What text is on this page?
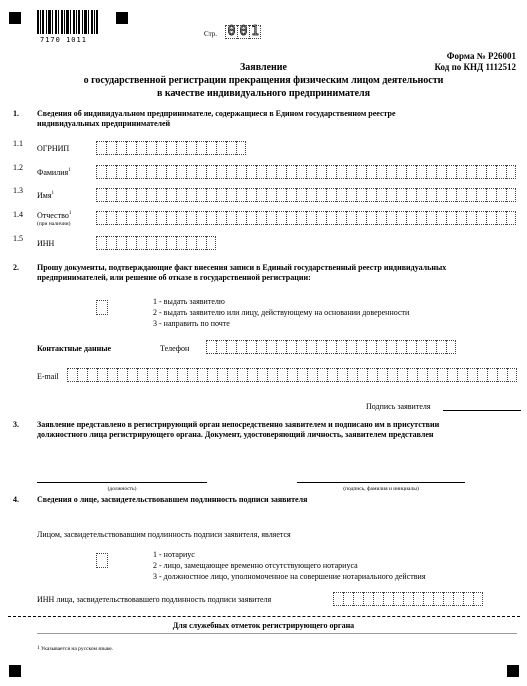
7170 1011
Стр. 0 0 1
Форма № Р26001
Код по КНД 1112512
Заявление
о государственной регистрации прекращения физическим лицом деятельности
в качестве индивидуального предпринимателя
1. Сведения об индивидуальном предпринимателе, содержащиеся в Едином государственном реестре
индивидуальных предпринимателей
1.1
ОГРНИП
1.2
Фамилия$^1$
1.3
Имя$^1$
1.4 Отчество$^1$
(при наличии)
1.5
ИНН
2. Прошу документы, подтверждающие факт внесения записи в Единый государственный реестр индивидуальных
предпринимателей, или решение об отказе в государственной регистрации:
1 - выдать заявителю
2 - выдать заявителю или лицу, действующему на основании доверенности
3 - направить по почте
Контактные данные	Телефон
E-mail
Подпись заявителя
3. Заявление представлено в регистрирующий орган непосредственно заявителем и подписано им в присутствии
должностного лица регистрирующего органа. Документ, удостоверяющий личность, заявителем представлен
(должность)	(подпись, фамилия и инициалы)
4. Сведения о лице, засвидетельствовавшем подлинность подписи заявителя
Лицом, засвидетельствовавшим подлинность подписи заявителя, является
1 - нотариус
2 - лицо, замещающее временно отсутствующего нотариуса
3 - должностное лицо, уполномоченное на совершение нотариального действия
ИНН лица, засвидетельствовавшего подлинность подписи заявителя
Для служебных отметок регистрирующего органа
1 Указывается на русском языке.
